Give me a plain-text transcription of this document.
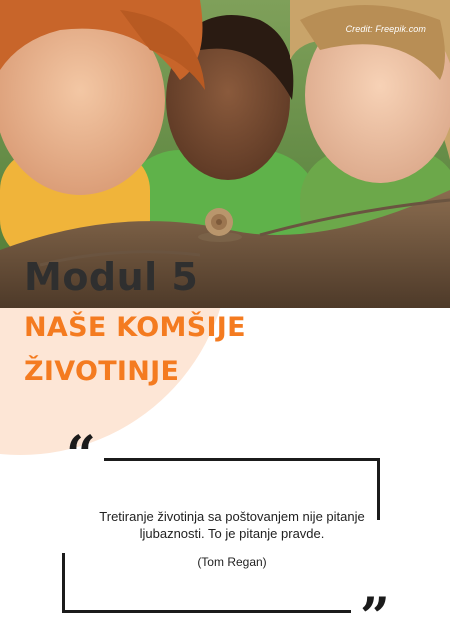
Credit: Freepik.com
Modul 5
NAŠE KOMŠIJE
ŽIVOTINJE
“
”
Tretiranje životinja sa poštovanjem nije pitanje ljubaznosti. To je pitanje pravde.
(Tom Regan)
